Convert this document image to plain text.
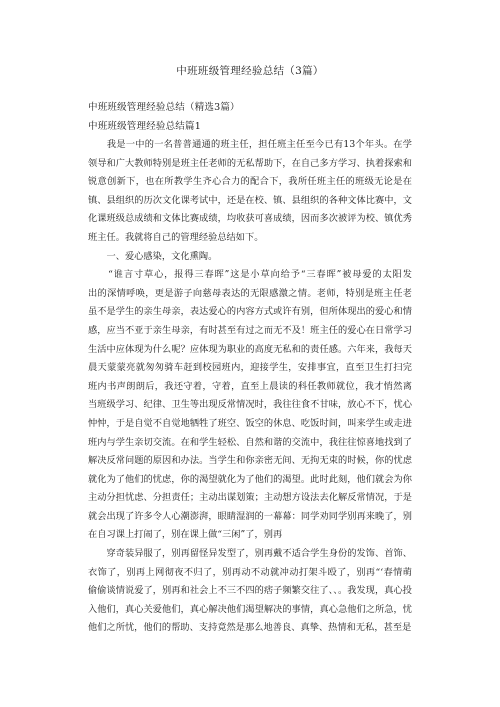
中班班级管理经验总结（3篇）
中班班级管理经验总结（精选3篇）
中班班级管理经验总结篇1
　　我是一中的一名普普通通的班主任，担任班主任至今已有13个年头。在学
领导和广大教师特别是班主任老师的无私帮助下，在自己多方学习、执着探索和
锐意创新下，也在所教学生齐心合力的配合下，我所任班主任的班级无论是在
镇、县组织的历次文化课考试中，还是在校、镇、县组织的各种文体比赛中，文
化课班级总成绩和文体比赛成绩，均收获可喜成绩，因而多次被评为校、镇优秀
班主任。我就将自己的管理经验总结如下。
　　一、爱心感染，文化熏陶。
　　“谁言寸草心，报得三春晖”这是小草向给予“三春晖”被母爱的太阳发
出的深情呼唤，更是游子向慈母表达的无限感激之情。老师，特别是班主任老
虽不是学生的亲生母亲，表达爱心的内容方式或许有别，但所体现出的爱心和情
感，应当不亚于亲生母亲，有时甚至有过之而无不及！班主任的爱心在日常学习
生活中应体现为什么呢？应体现为职业的高度无私和的责任感。六年来，我每天
晨天蒙蒙亮就匆匆骑车赶到校园班内，迎接学生，安排事宜，直至卫生打扫完
班内书声朗朗后，我还守着，守着，直至上晨读的科任教师就位，我才悄然离
当班级学习、纪律、卫生等出现反常情况时，我往往食不甘味，放心不下，忧心
忡忡，于是自觉不自觉地牺牲了班空、饭空的休息、吃饭时间，叫来学生或走进
班内与学生亲切交流。在和学生轻松、自然和谐的交流中，我往往惊喜地找到了
解决反常问题的原因和办法。当学生和你亲密无间、无拘无束的时候，你的忧虑
就化为了他们的忧虑，你的渴望就化为了他们的渴望。此时此刻，他们就会为你
主动分担忧虑、分担责任；主动出谋划策；主动想方设法去化解反常情况，于是
就会出现了许多令人心潮澎湃，眼睛湿润的一幕幕：同学劝同学别再来晚了，别
在自习课上打闹了，别在课上做“三闲”了，别再
　　穿奇装异服了，别再留怪异发型了，别再戴不适合学生身份的发饰、首饰、
衣饰了，别再上网彻夜不归了，别再动不动就冲动打架斗殴了，别再“‘春情萌
偷偷谈情说爱了，别再和社会上不三不四的痞子频繁交往了、、。我发现，真心投
入他们，真心关爱他们，真心解决他们渴望解决的事情，真心急他们之所急，忧
他们之所忧，他们的帮助、支持竟然是那么地善良、真挚、热情和无私，甚至是
